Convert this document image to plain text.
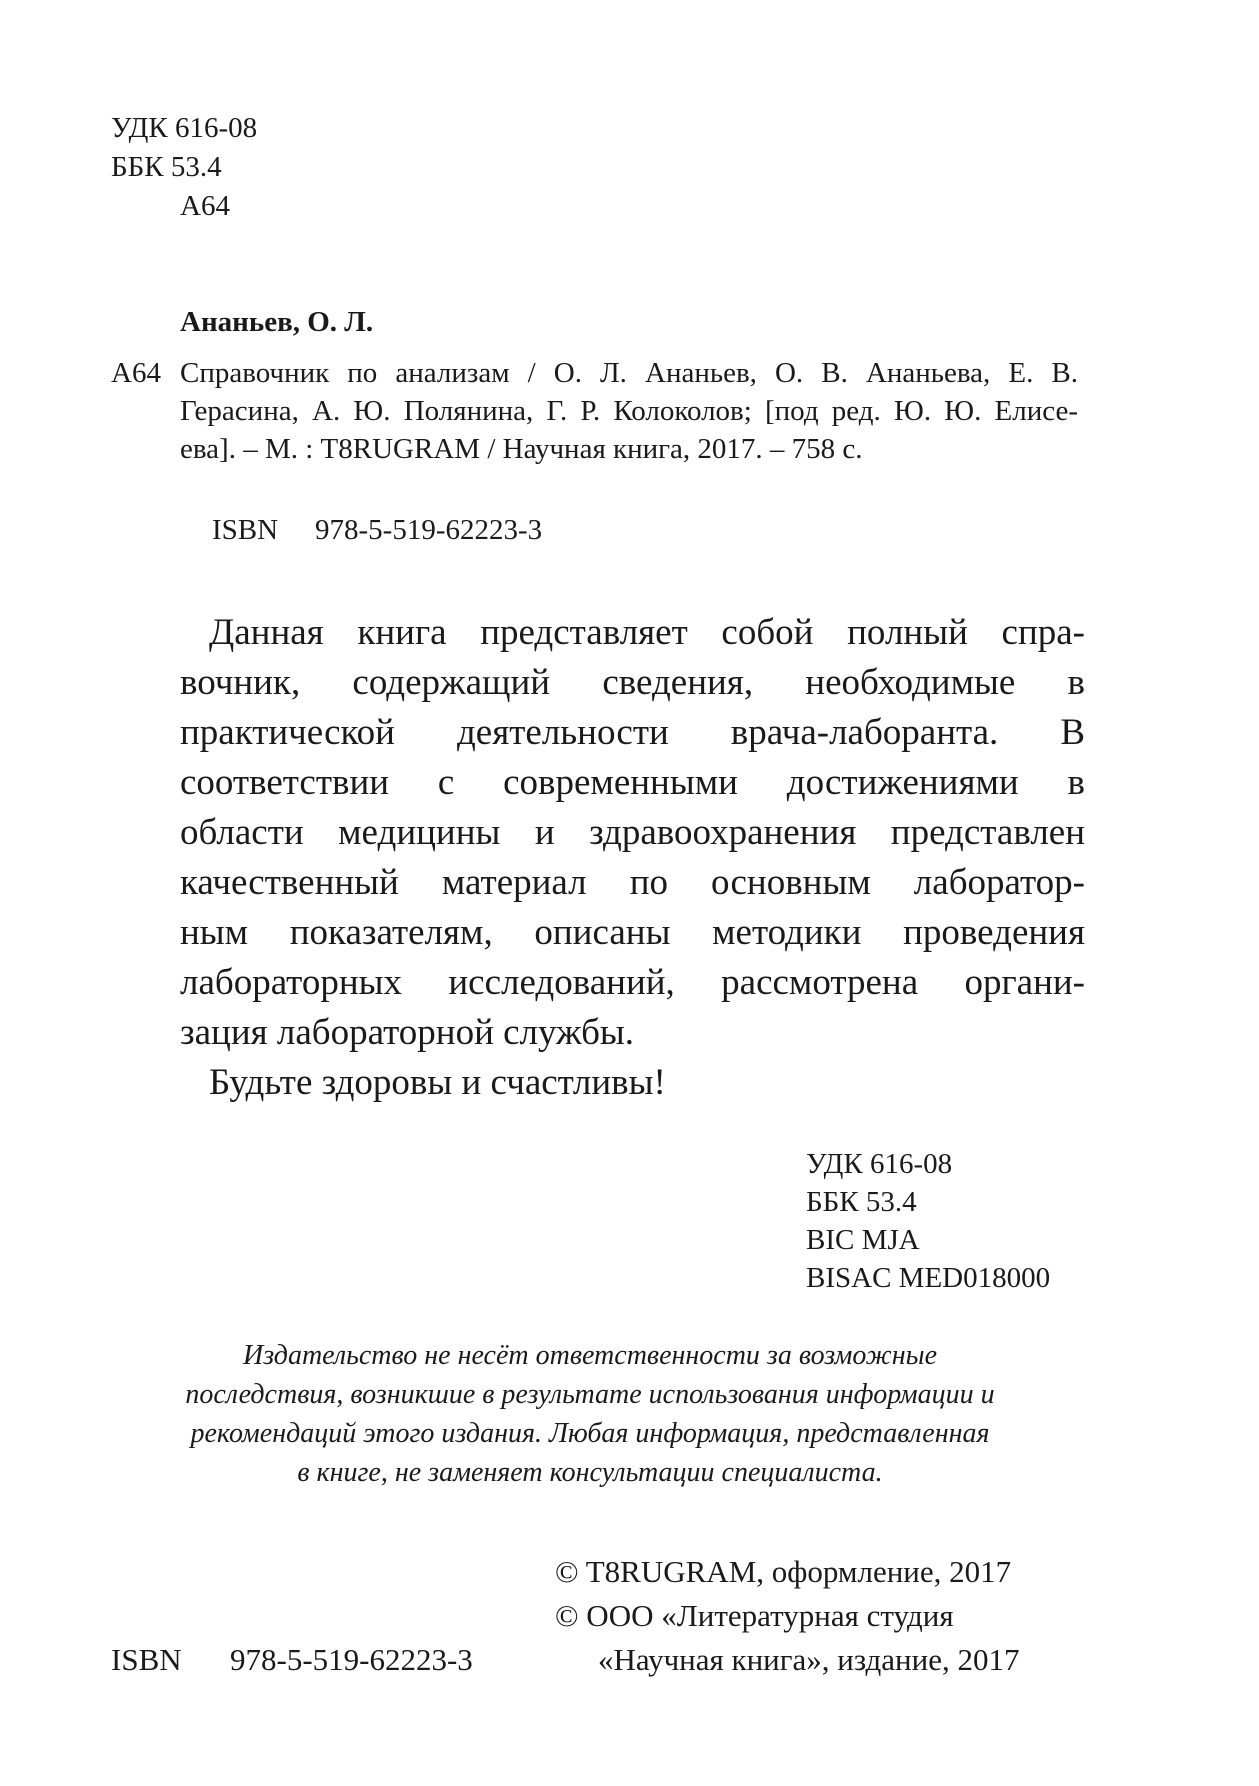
УДК 616-08
ББК 53.4
А64
Ананьев, О. Л.
А64 Справочник по анализам / О. Л. Ананьев, О. В. Ананьева, Е. В.
Герасина, А. Ю. Полянина, Г. Р. Колоколов; [под ред. Ю. Ю. Елисе-
ева]. – М. : T8RUGRAM / Научная книга, 2017. – 758 с.
ISBN 978-5-519-62223-3
Данная книга представляет собой полный спра-
вочник, содержащий сведения, необходимые в
практической деятельности врача-лаборанта. В
соответствии с современными достижениями в
области медицины и здравоохранения представлен
качественный материал по основным лаборатор-
ным показателям, описаны методики проведения
лабораторных исследований, рассмотрена органи-
зация лабораторной службы.
Будьте здоровы и счастливы!
УДК 616-08
ББК 53.4
BIC MJA
BISAC MED018000
Издательство не несёт ответственности за возможные
последствия, возникшие в результате использования информации и
рекомендаций этого издания. Любая информация, представленная
в книге, не заменяет консультации специалиста.
© T8RUGRAM, оформление, 2017
© ООО «Литературная студия
«Научная книга», издание, 2017
ISBN 978-5-519-62223-3
